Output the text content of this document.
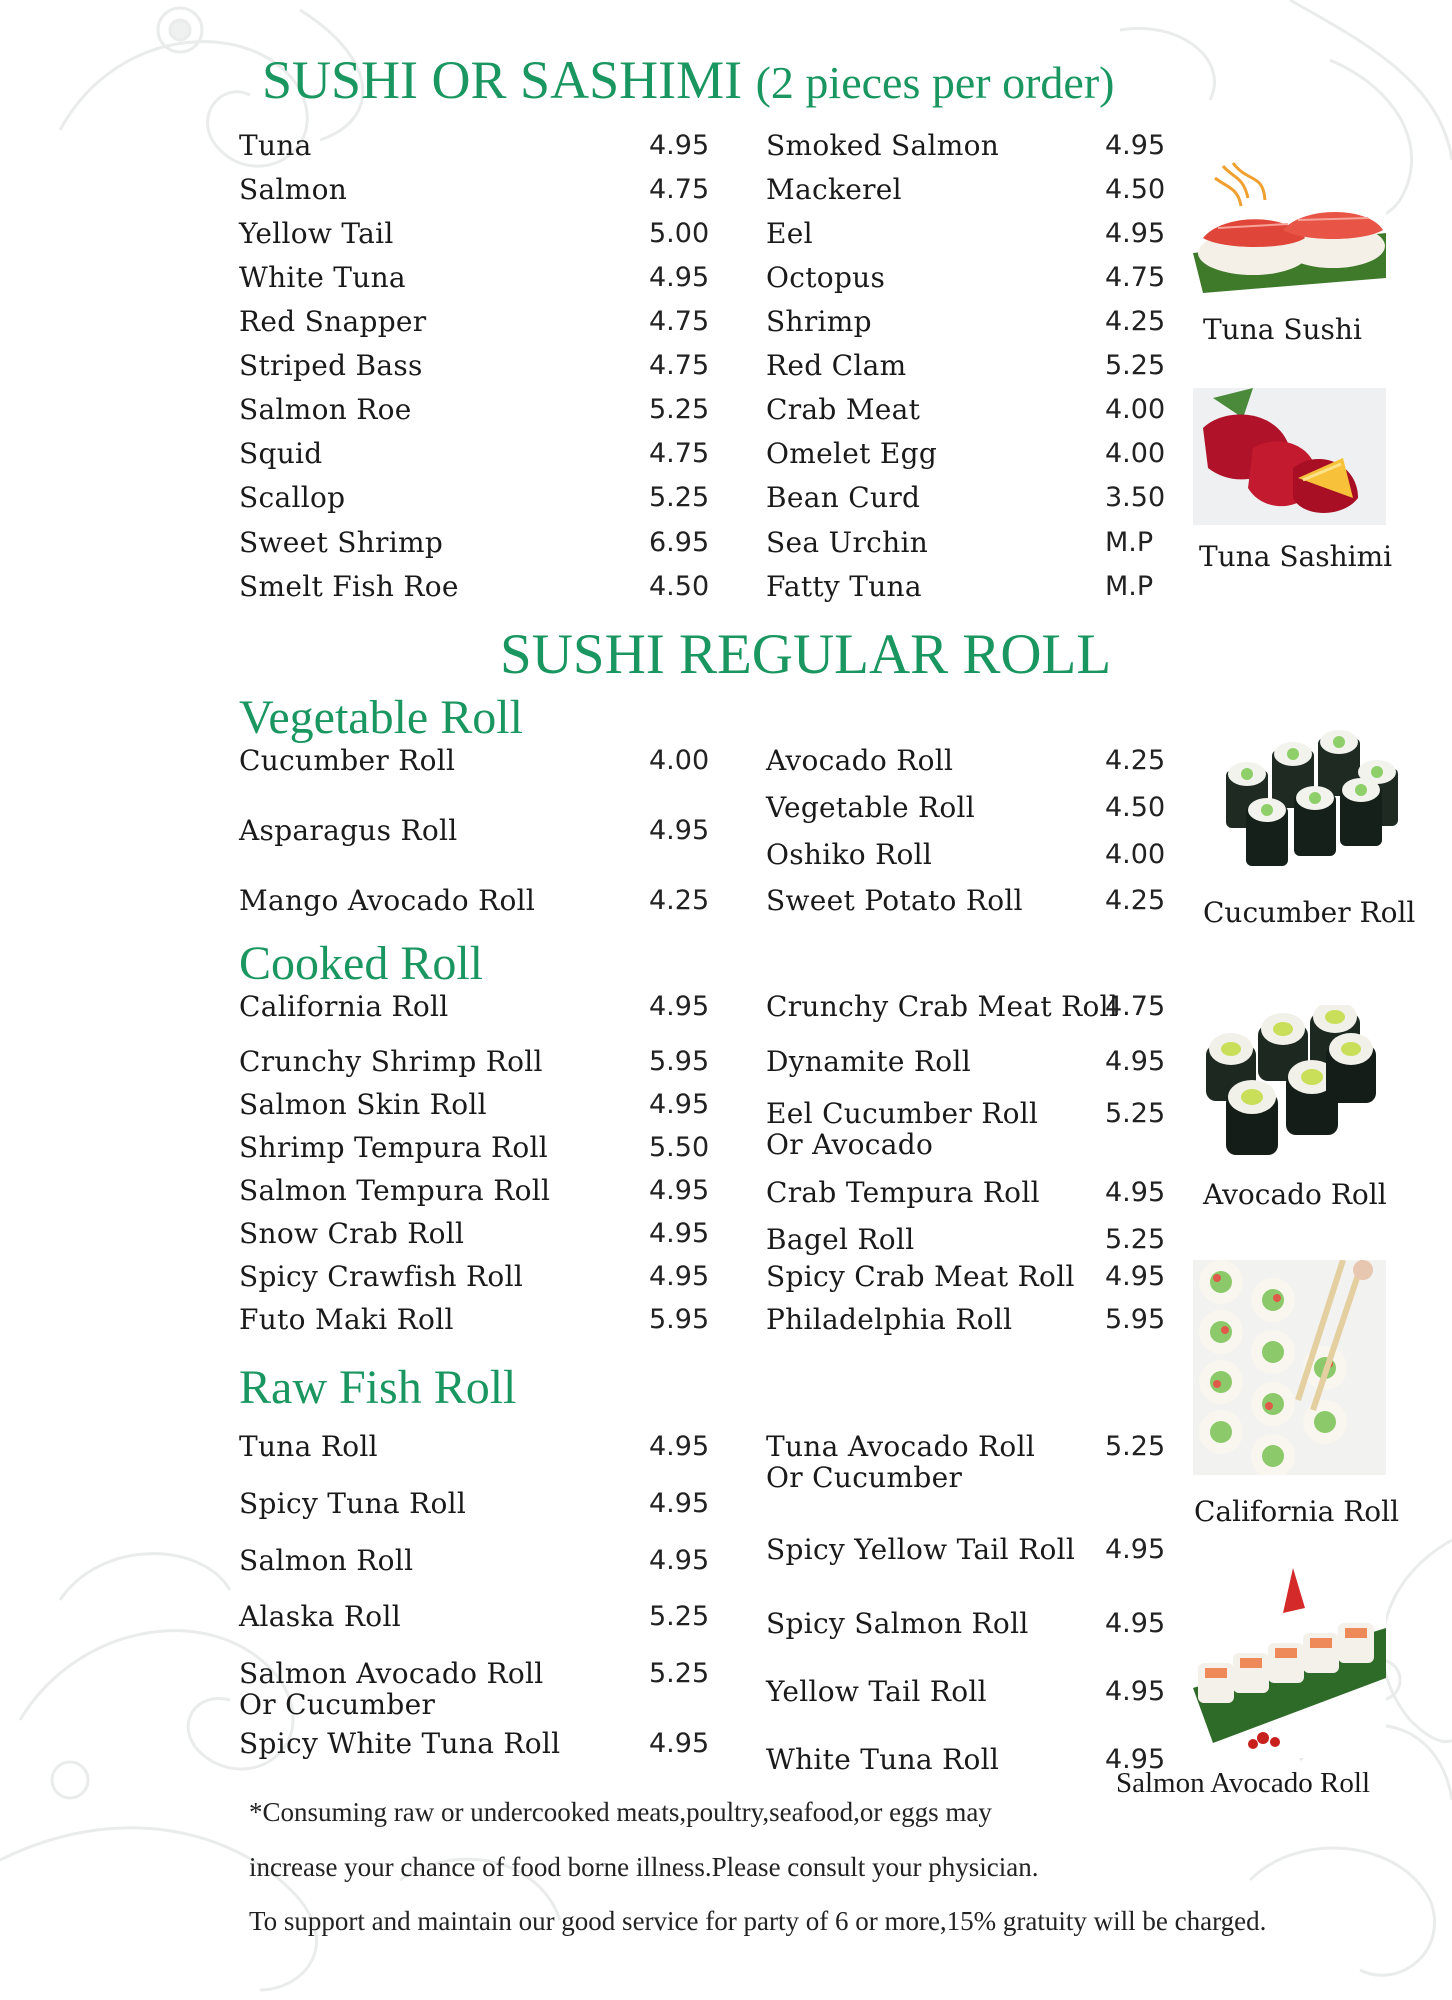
SUSHI OR SASHIMI (2 pieces per order)
SUSHI REGULAR ROLL
Vegetable Roll
Cooked Roll
Raw Fish Roll
Tuna	4.95
Salmon	4.75
Yellow Tail	5.00
White Tuna	4.95
Red Snapper	4.75
Striped Bass	4.75
Salmon Roe	5.25
Squid	4.75
Scallop	5.25
Sweet Shrimp	6.95
Smelt Fish Roe	4.50
Smoked Salmon	4.95
Mackerel	4.50
Eel	4.95
Octopus	4.75
Shrimp	4.25
Red Clam	5.25
Crab Meat	4.00
Omelet Egg	4.00
Bean Curd	3.50
Sea Urchin	M.P
Fatty Tuna	M.P
Cucumber Roll	4.00
Asparagus Roll	4.95
Mango Avocado Roll	4.25
Avocado Roll	4.25
Vegetable Roll	4.50
Oshiko Roll	4.00
Sweet Potato Roll	4.25
California Roll	4.95
Crunchy Shrimp Roll	5.95
Salmon Skin Roll	4.95
Shrimp Tempura Roll	5.50
Salmon Tempura Roll	4.95
Snow Crab Roll	4.95
Spicy Crawfish Roll	4.95
Futo Maki Roll	5.95
Crunchy Crab Meat Roll
4.75
Dynamite Roll	4.95
Eel Cucumber Roll
Or Avocado
5.25
Crab Tempura Roll 4.95
Bagel Roll	5.25
Spicy Crab Meat Roll 4.95
Philadelphia Roll	5.95
Tuna Roll	4.95
Spicy Tuna Roll	4.95
Salmon Roll	4.95
Alaska Roll	5.25
Salmon Avocado Roll
Or Cucumber
5.25
Spicy White Tuna Roll	4.95
Tuna Avocado Roll
Or Cucumber
5.25
Spicy Yellow Tail Roll 4.95
Spicy Salmon Roll	4.95
Yellow Tail Roll	4.95
White Tuna Roll	4.95
Tuna Sushi
Tuna Sashimi
Cucumber Roll
Avocado Roll
California Roll
Salmon Avocado Roll
*Consuming raw or undercooked meats,poultry,seafood,or eggs may
increase your chance of food borne illness.Please consult your physician.
To support and maintain our good service for party of 6 or more,15% gratuity will be charged.
